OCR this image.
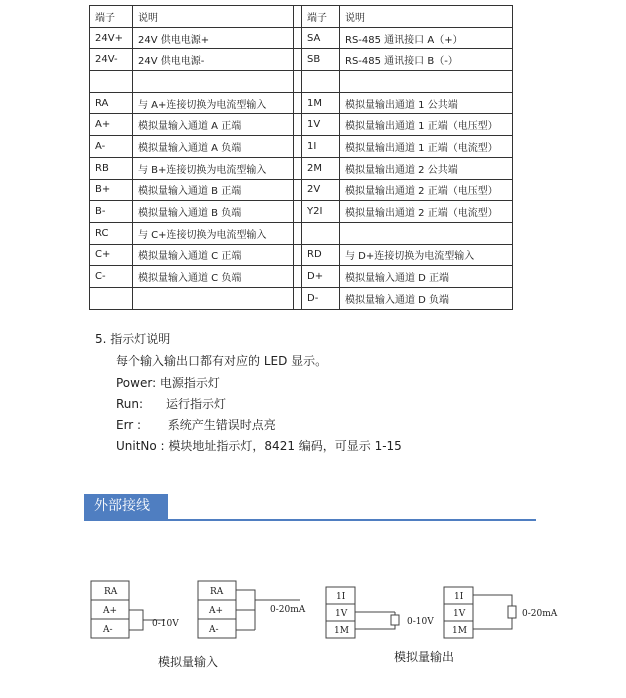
端子	说明		端子	说明
24V+	24V 供电电源+		SA	RS-485 通讯接口 A（+）
24V-	24V 供电电源-		SB	RS-485 通讯接口 B（-）

RA	与 A+连接切换为电流型输入		1M	模拟量输出通道 1 公共端
A+	模拟量输入通道 A 正端		1V	模拟量输出通道 1 正端（电压型）
A-	模拟量输入通道 A 负端		1I	模拟量输出通道 1 正端（电流型）
RB	与 B+连接切换为电流型输入		2M	模拟量输出通道 2 公共端
B+	模拟量输入通道 B 正端		2V	模拟量输出通道 2 正端（电压型）
B-	模拟量输入通道 B 负端		Y2I	模拟量输出通道 2 正端（电流型）
RC	与 C+连接切换为电流型输入			
C+	模拟量输入通道 C 正端		RD	与 D+连接切换为电流型输入
C-	模拟量输入通道 C 负端		D+	模拟量输入通道 D 正端
			D-	模拟量输入通道 D 负端
5. 指示灯说明
每个输入输出口都有对应的 LED 显示。
Power: 电源指示灯
Run:      运行指示灯
Err :       系统产生错误时点亮
UnitNo : 模块地址指示灯，8421 编码，可显示 1-15
外部接线
RA
A+
A-
0-10V
RA
A+
A-
0-20mA
模拟量输入
1I
1V
1M
0-10V
1I
1V
1M
0-20mA
模拟量输出
